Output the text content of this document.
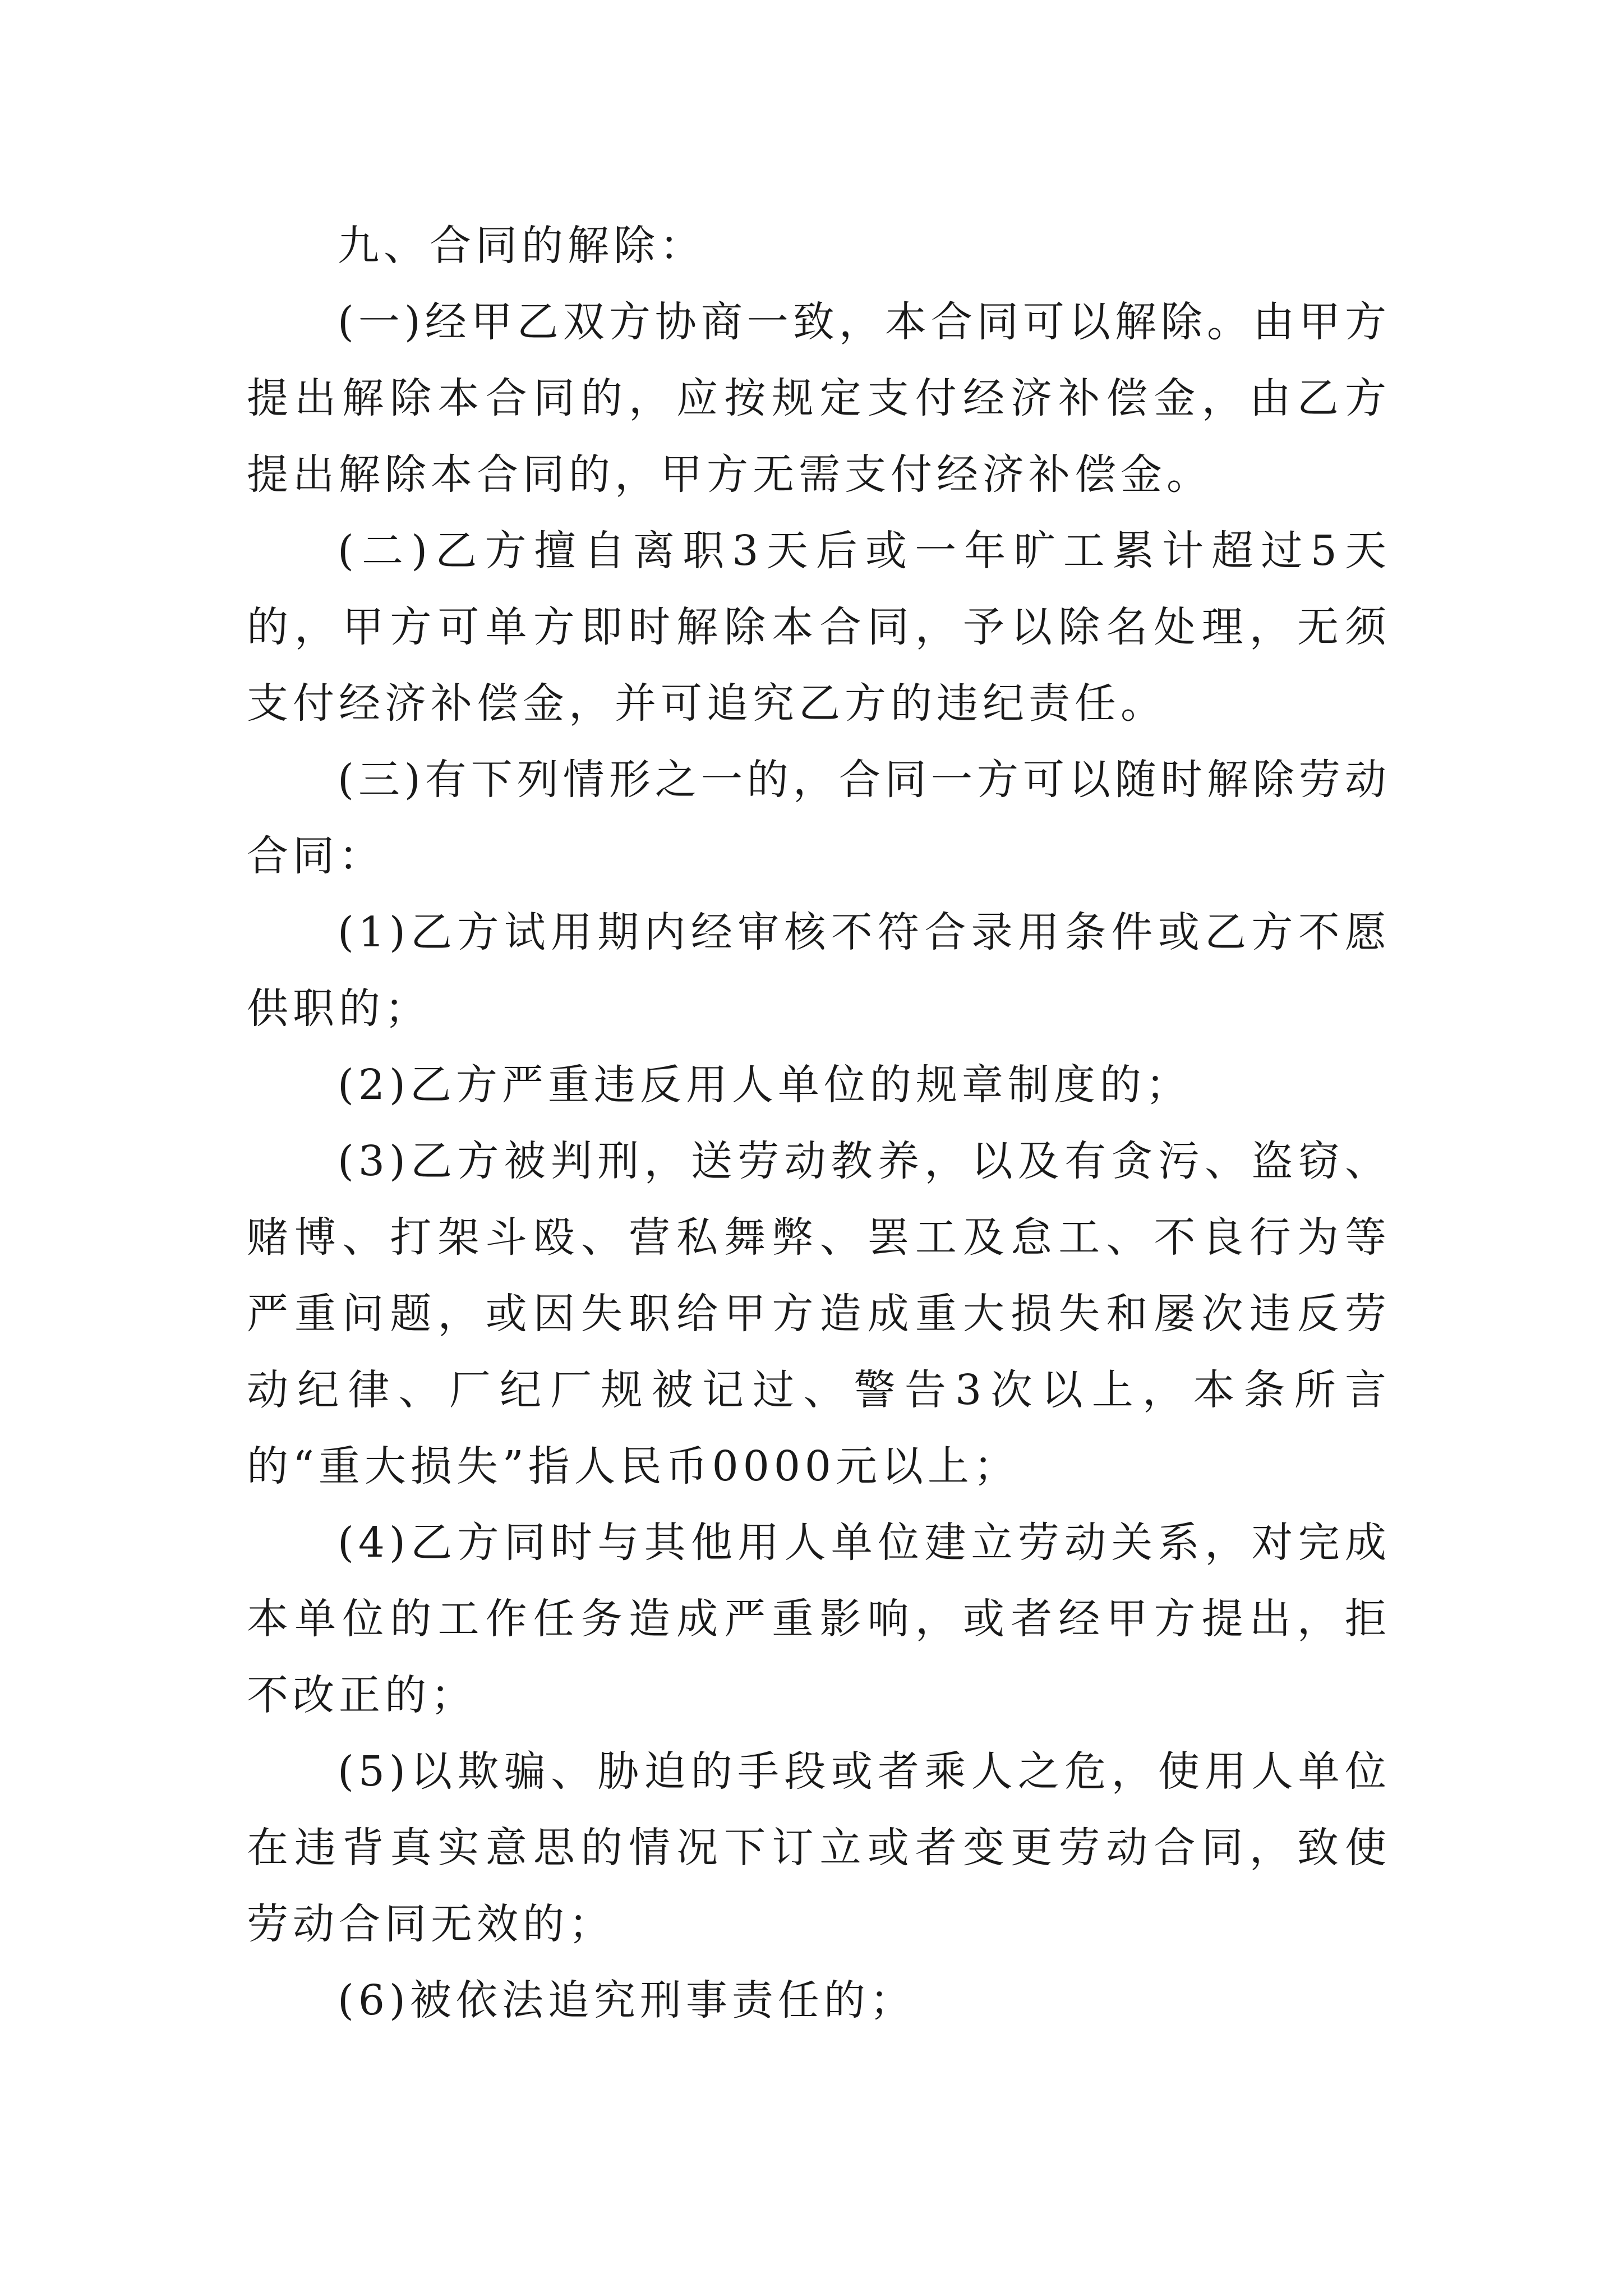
九、合同的解除：

(一)经甲乙双方协商一致，本合同可以解除。由甲方提出解除本合同的，应按规定支付经济补偿金，由乙方提出解除本合同的，甲方无需支付经济补偿金。

(二)乙方擅自离职3天后或一年旷工累计超过5天的，甲方可单方即时解除本合同，予以除名处理，无须支付经济补偿金，并可追究乙方的违纪责任。

(三)有下列情形之一的，合同一方可以随时解除劳动合同：

(1)乙方试用期内经审核不符合录用条件或乙方不愿供职的；

(2)乙方严重违反用人单位的规章制度的；

(3)乙方被判刑，送劳动教养，以及有贪污、盗窃、赌博、打架斗殴、营私舞弊、罢工及怠工、不良行为等严重问题，或因失职给甲方造成重大损失和屡次违反劳动纪律、厂纪厂规被记过、警告3次以上，本条所言的“重大损失”指人民币0000元以上；

(4)乙方同时与其他用人单位建立劳动关系，对完成本单位的工作任务造成严重影响，或者经甲方提出，拒不改正的；

(5)以欺骗、胁迫的手段或者乘人之危，使用人单位在违背真实意思的情况下订立或者变更劳动合同，致使劳动合同无效的；

(6)被依法追究刑事责任的；
